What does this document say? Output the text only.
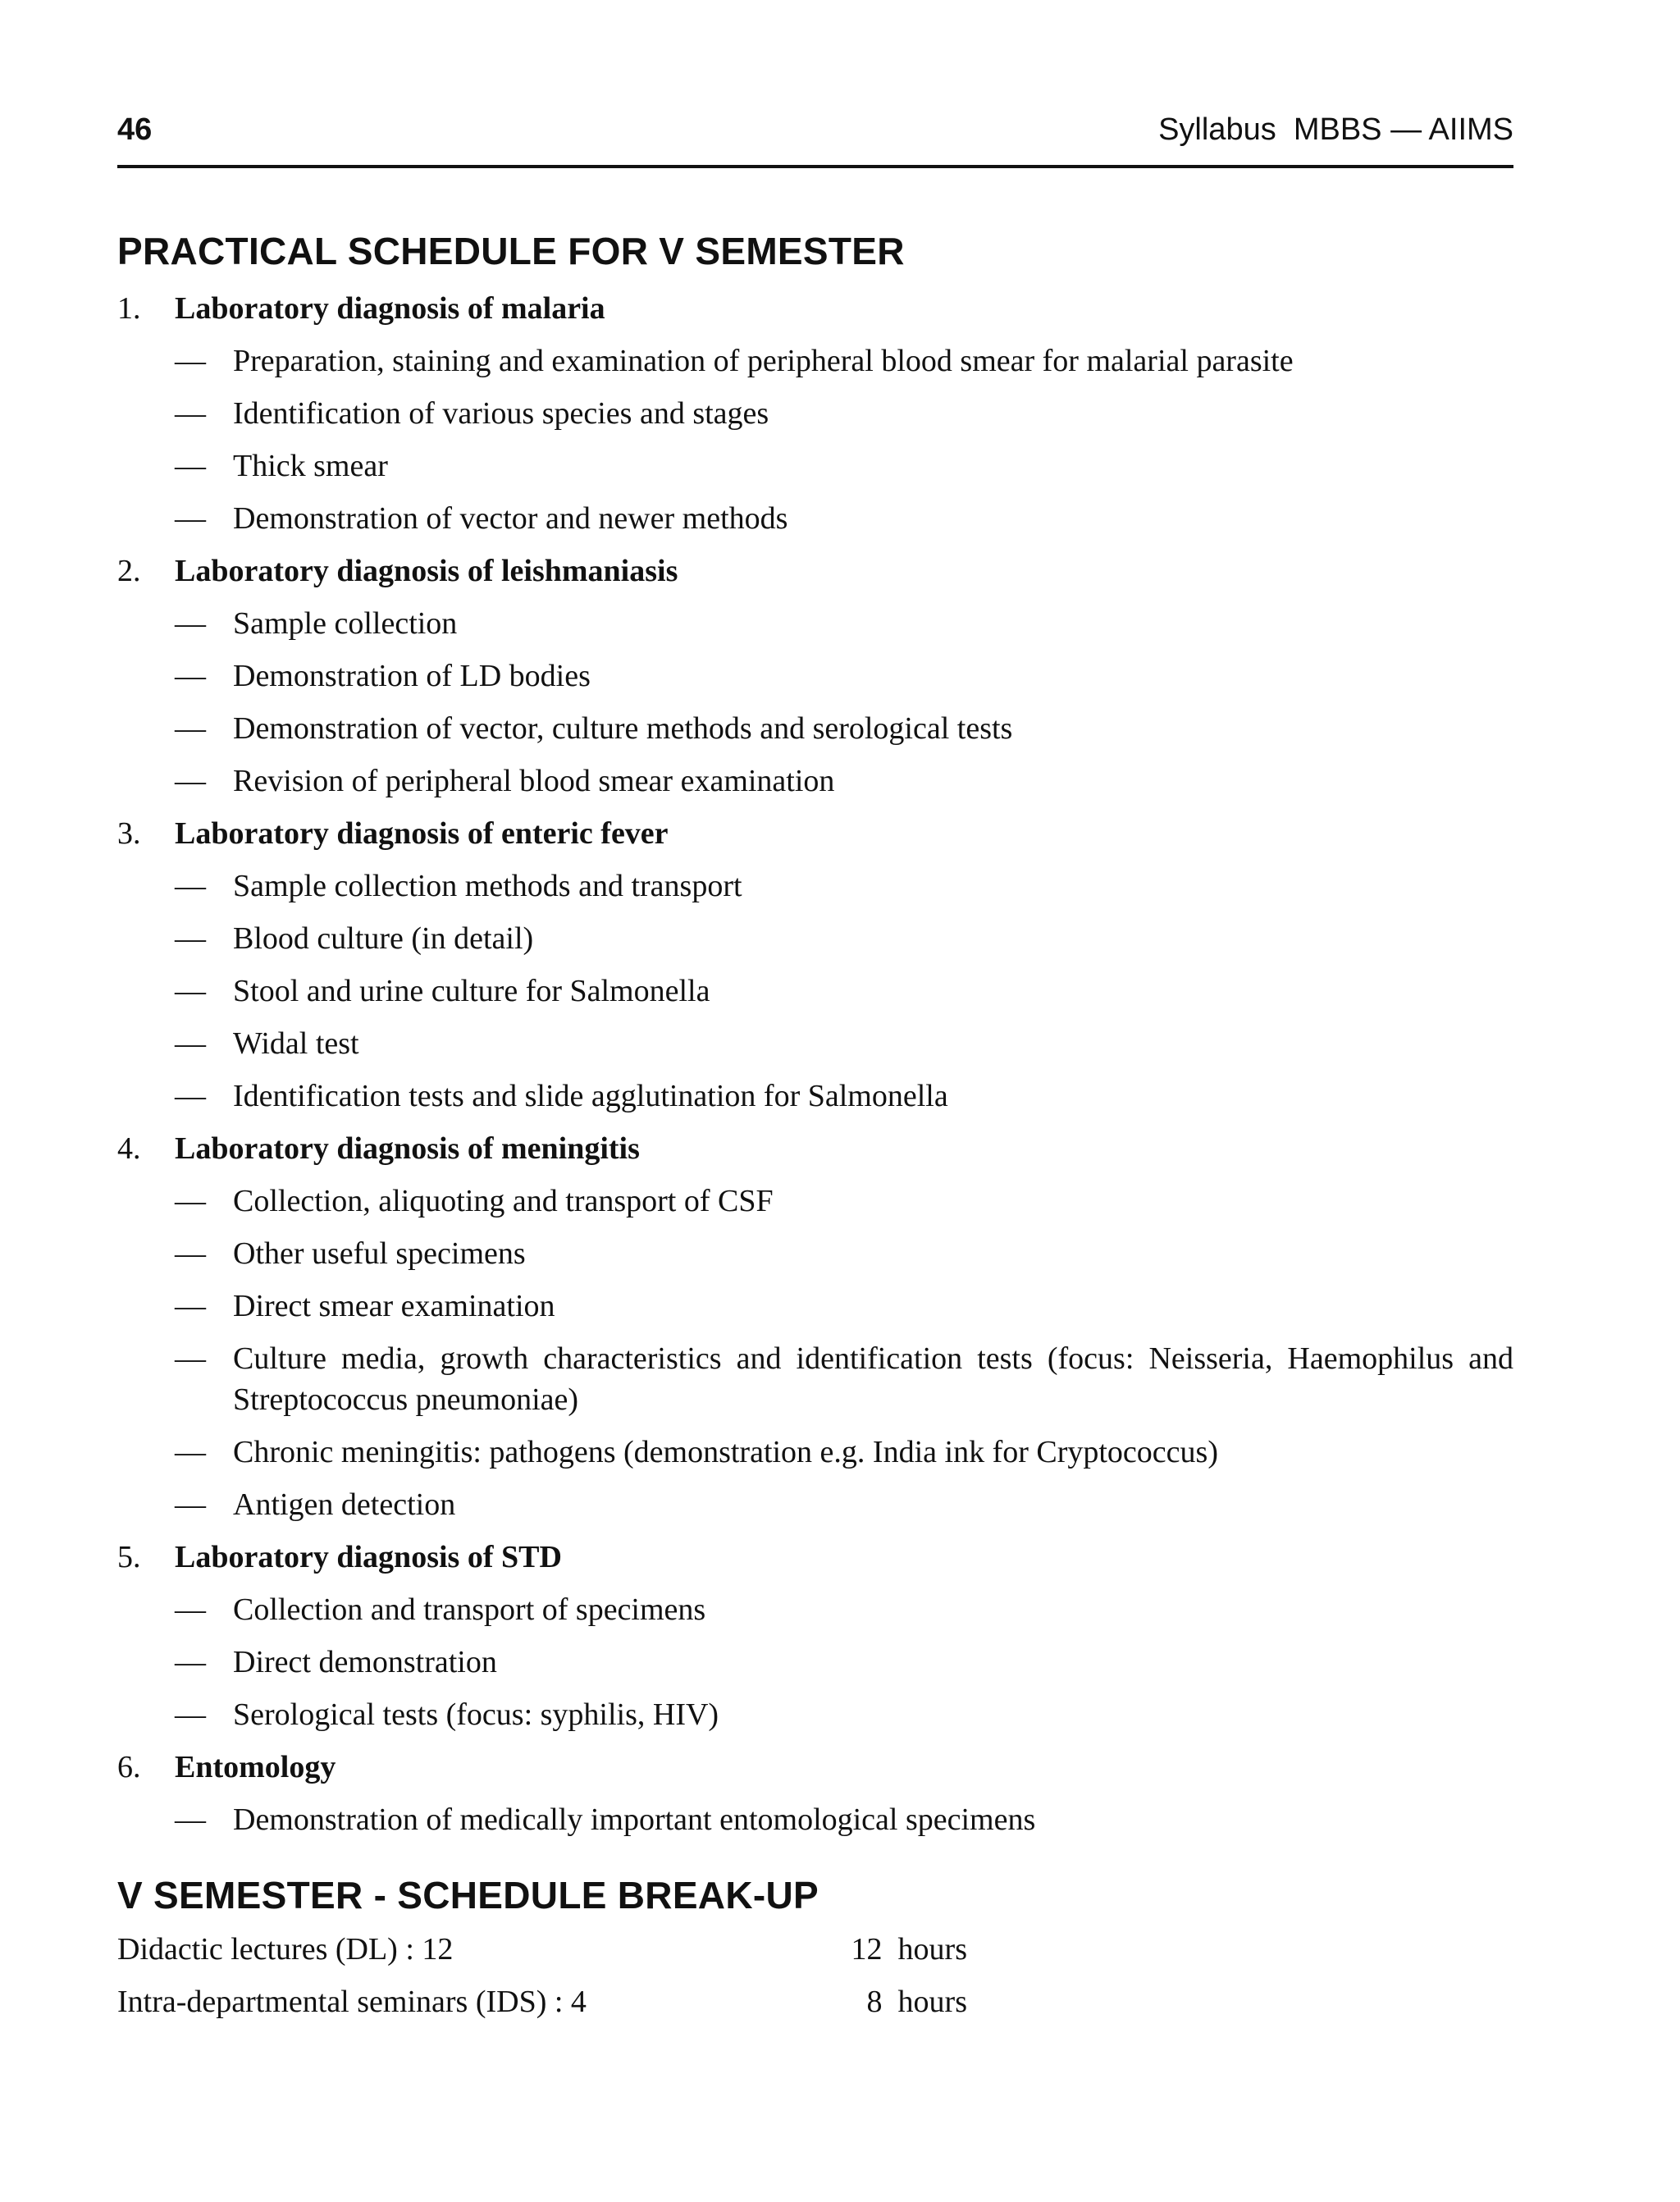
46	Syllabus  MBBS — AIIMS
PRACTICAL SCHEDULE FOR V SEMESTER
1. Laboratory diagnosis of malaria
— Preparation, staining and examination of peripheral blood smear for malarial parasite
— Identification of various species and stages
— Thick smear
— Demonstration of vector and newer methods
2. Laboratory diagnosis of leishmaniasis
— Sample collection
— Demonstration of LD bodies
— Demonstration of vector, culture methods and serological tests
— Revision of peripheral blood smear examination
3. Laboratory diagnosis of enteric fever
— Sample collection methods and transport
— Blood culture (in detail)
— Stool and urine culture for Salmonella
— Widal test
— Identification tests and slide agglutination for Salmonella
4. Laboratory diagnosis of meningitis
— Collection, aliquoting and transport of CSF
— Other useful specimens
— Direct smear examination
— Culture media, growth characteristics and identification tests (focus: Neisseria, Haemophilus and Streptococcus pneumoniae)
— Chronic meningitis: pathogens (demonstration e.g. India ink for Cryptococcus)
— Antigen detection
5. Laboratory diagnosis of STD
— Collection and transport of specimens
— Direct demonstration
— Serological tests (focus: syphilis, HIV)
6. Entomology
— Demonstration of medically important entomological specimens
V SEMESTER - SCHEDULE BREAK-UP
Didactic lectures (DL) : 12	12  hours
Intra-departmental seminars (IDS) : 4	8  hours
